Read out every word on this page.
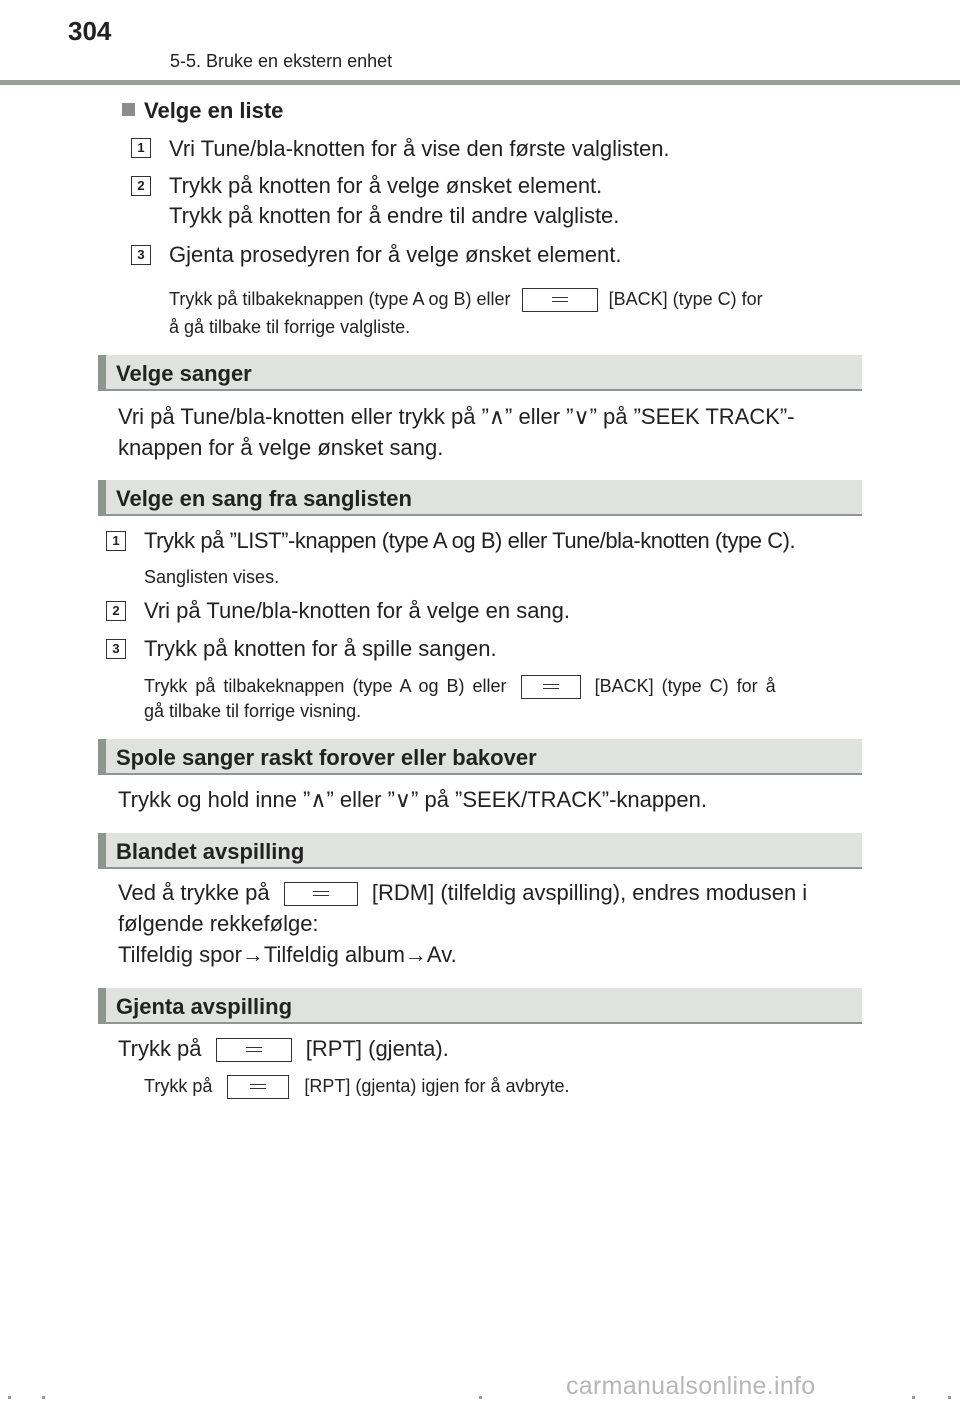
304
5-5. Bruke en ekstern enhet
Velge en liste
1 Vri Tune/bla-knotten for å vise den første valglisten.
2 Trykk på knotten for å velge ønsket element.
Trykk på knotten for å endre til andre valgliste.
3 Gjenta prosedyren for å velge ønsket element.
Trykk på tilbakeknappen (type A og B) eller	[BACK] (type C) for
å gå tilbake til forrige valgliste.
Velge sanger
Vri på Tune/bla-knotten eller trykk på ”∧” eller ”∨” på ”SEEK TRACK”-
knappen for å velge ønsket sang.
Velge en sang fra sanglisten
1 Trykk på ”LIST”-knappen (type A og B) eller Tune/bla-knotten (type C).
Sanglisten vises.
2 Vri på Tune/bla-knotten for å velge en sang.
3 Trykk på knotten for å spille sangen.
Trykk på tilbakeknappen (type A og B) eller	[BACK] (type C) for å
gå tilbake til forrige visning.
Spole sanger raskt forover eller bakover
Trykk og hold inne ”∧” eller ”∨” på ”SEEK/TRACK”-knappen.
Blandet avspilling
Ved å trykke på	[RDM] (tilfeldig avspilling), endres modusen i
følgende rekkefølge:
Tilfeldig spor→Tilfeldig album→Av.
Gjenta avspilling
Trykk på	[RPT] (gjenta).
Trykk på	[RPT] (gjenta) igjen for å avbryte.
carmanualsonline.info
